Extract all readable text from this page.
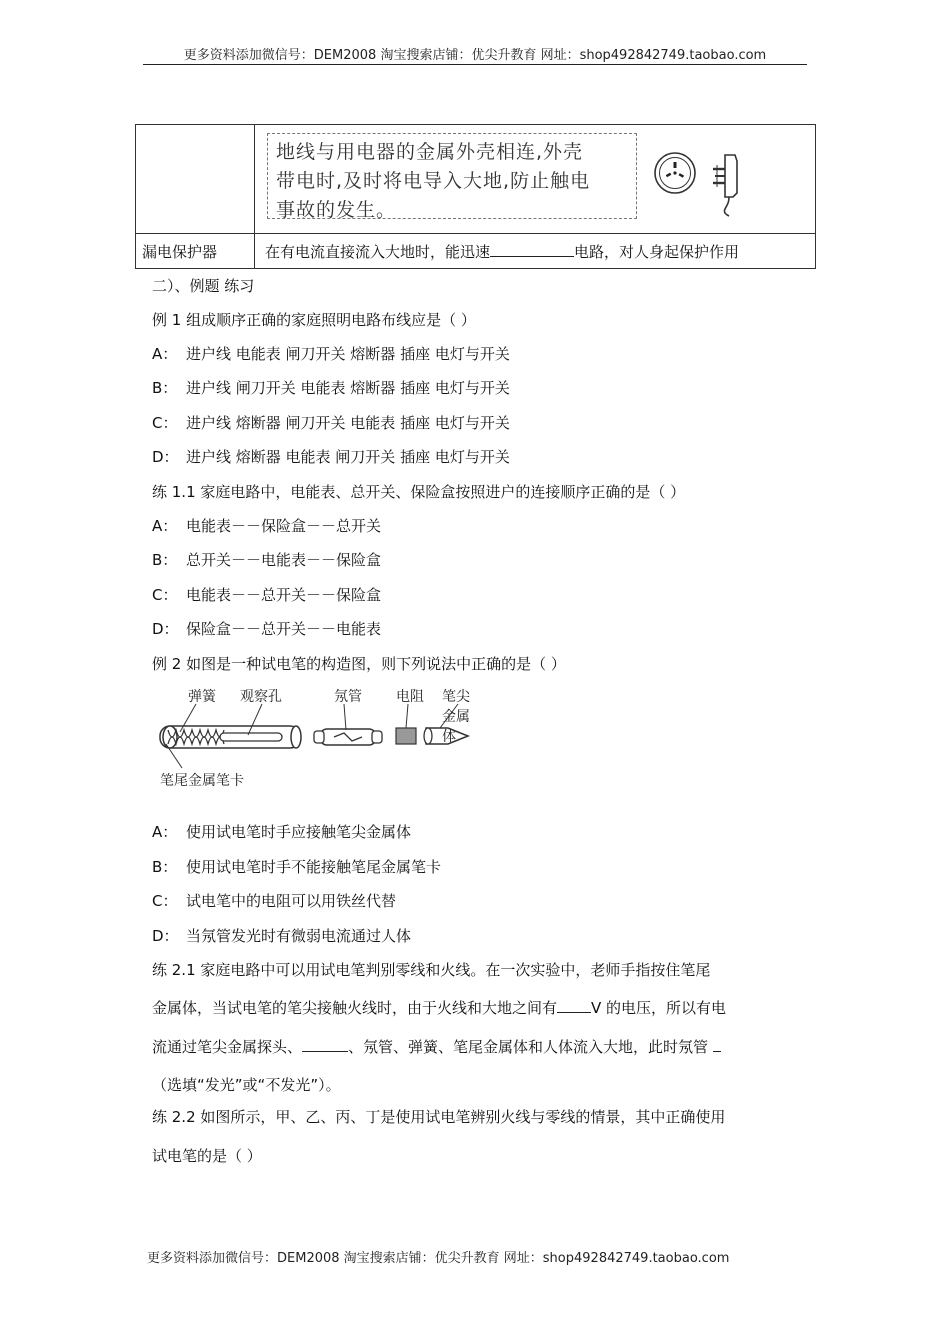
更多资料添加微信号：DEM2008 淘宝搜索店铺：优尖升教育 网址：shop492842749.taobao.com

	地线与用电器的金属外壳相连,外壳
带电时,及时将电导入大地,防止触电
事故的发生。

漏电保护器	在有电流直接流入大地时，能迅速 电路，对人身起保护作用
二）、例题 练习
例 1 组成顺序正确的家庭照明电路布线应是（ ）
A： 进户线 电能表 闸刀开关 熔断器 插座 电灯与开关
B： 进户线 闸刀开关 电能表 熔断器 插座 电灯与开关
C： 进户线 熔断器 闸刀开关 电能表 插座 电灯与开关
D： 进户线 熔断器 电能表 闸刀开关 插座 电灯与开关
练 1.1 家庭电路中，电能表、总开关、保险盒按照进户的连接顺序正确的是（ ）
A： 电能表－－保险盒－－总开关
B： 总开关－－电能表－－保险盒
C： 电能表－－总开关－－保险盒
D： 保险盒－－总开关－－电能表
例 2 如图是一种试电笔的构造图，则下列说法中正确的是（ ）
弹簧 观察孔	氖管 电阻 笔尖金属体
笔尾金属笔卡
A： 使用试电笔时手应接触笔尖金属体
B： 使用试电笔时手不能接触笔尾金属笔卡
C： 试电笔中的电阻可以用铁丝代替
D： 当氖管发光时有微弱电流通过人体
练 2.1 家庭电路中可以用试电笔判别零线和火线。在一次实验中，老师手指按住笔尾
金属体，当试电笔的笔尖接触火线时，由于火线和大地之间有 V 的电压，所以有电
流通过笔尖金属探头、	、氖管、弹簧、笔尾金属体和人体流入大地，此时氖管
（选填“发光”或“不发光”）。
练 2.2 如图所示，甲、乙、丙、丁是使用试电笔辨别火线与零线的情景，其中正确使用
试电笔的是（ ）
更多资料添加微信号：DEM2008 淘宝搜索店铺：优尖升教育 网址：shop492842749.taobao.com
